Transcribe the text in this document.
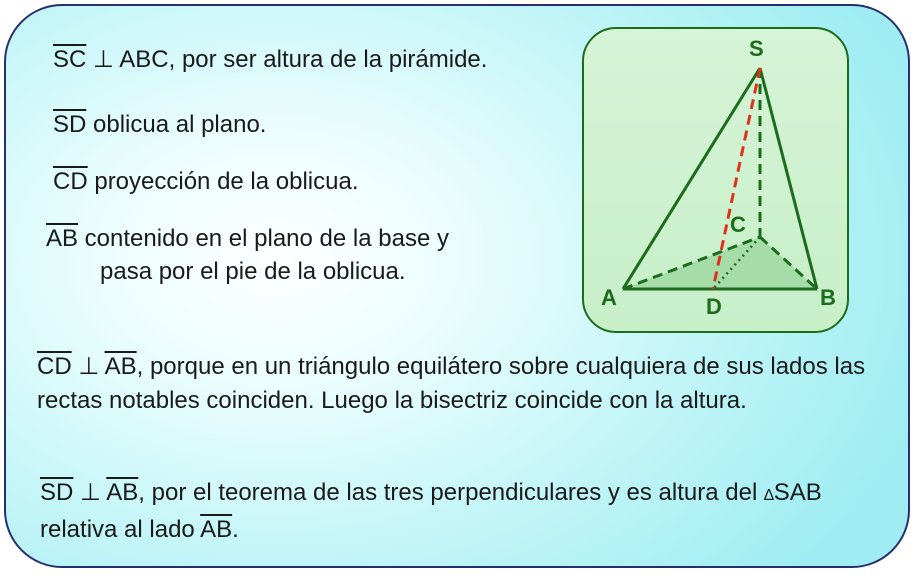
$\overline{SC}$ ⊥ ABC, por ser altura de la pirámide.
$\overline{SD}$ oblicua al plano.
$\overline{CD}$ proyección de la oblicua.
$\overline{AB}$ contenido en el plano de la base y
pasa por el pie de la oblicua.
$\overline{CD}$ ⊥ $\overline{AB}$, porque en un triángulo equilátero sobre cualquiera de sus lados las rectas notables coinciden. Luego la bisectriz coincide con la altura.
$\overline{SD}$ ⊥ $\overline{AB}$, por el teorema de las tres perpendiculares y es altura del ∆SAB relativa al lado $\overline{AB}$.
S
C
A	D	B
